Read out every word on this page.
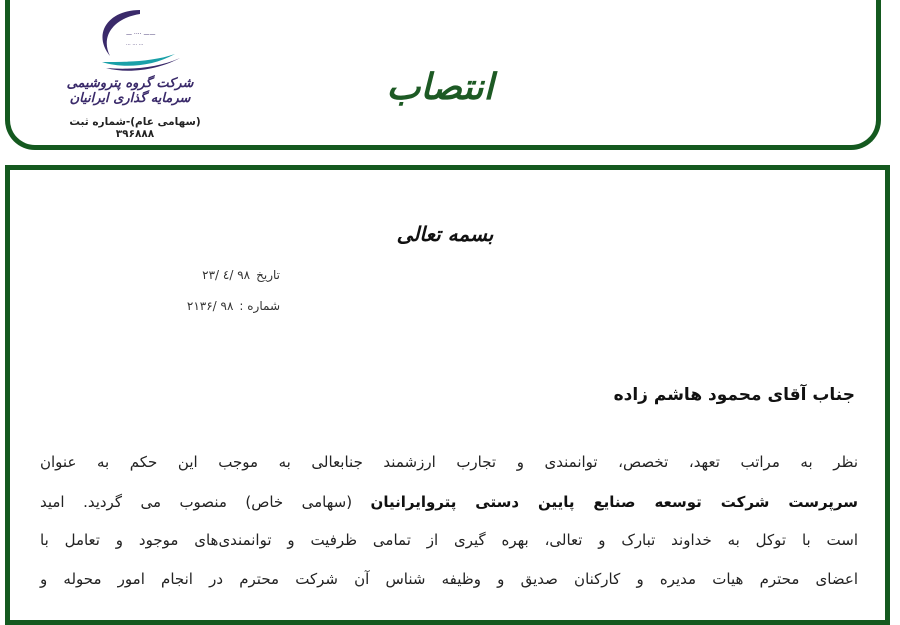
— ···· ——
··· ··· ···
شرکت گروه پتروشیمی سرمایه گذاری ایرانیان
(سهامی عام)-شماره ثبت ۳۹۶۸۸۸
انتصاب
بسمه تعالی
تاریخ۹۸ /٤ /۲۳
شماره :۹۸ /۲۱۳۶
جناب آقای محمود هاشم زاده
نظر به مراتب تعهد، تخصص، توانمندی و تجارب ارزشمند جنابعالی به موجب این حکم به عنوان
سرپرست شرکت توسعه صنایع پایین دستی پتروایرانیان (سهامی خاص) منصوب می گردید. امید
است با توکل به خداوند تبارک و تعالی، بهره گیری از تمامی ظرفیت و توانمندی‌های موجود و تعامل با
اعضای محترم هیات مدیره و کارکنان صدیق و وظیفه شناس آن شرکت محترم در انجام امور محوله و
